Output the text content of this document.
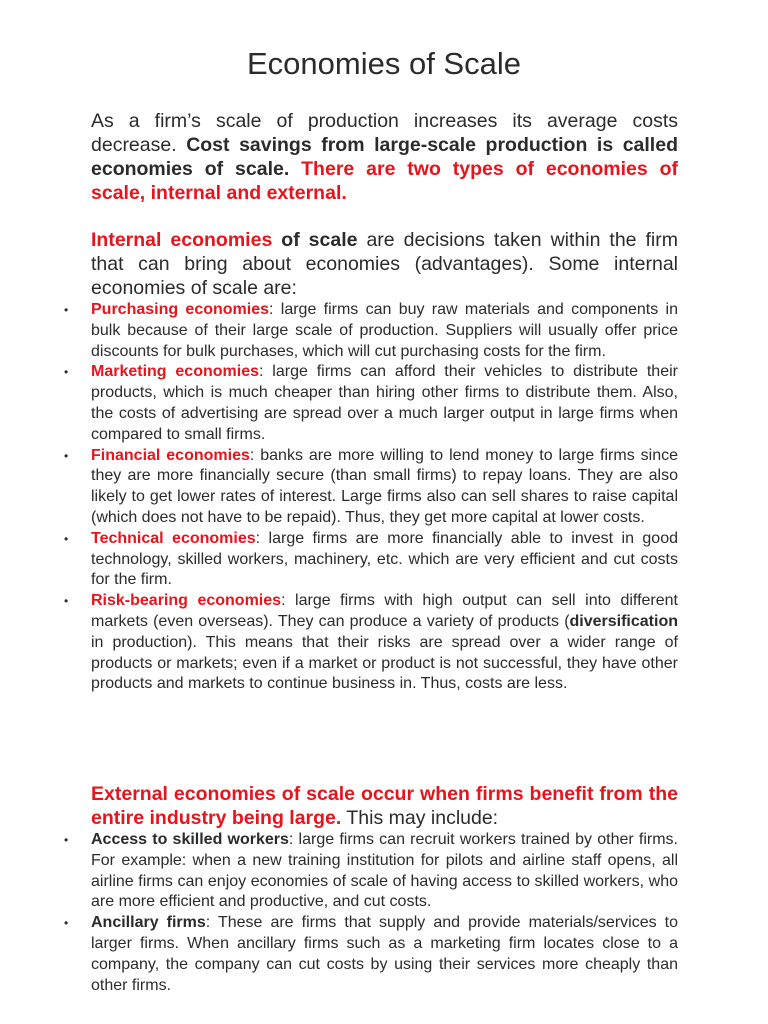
Economies of Scale

As a firm’s scale of production increases its average costs decrease. Cost savings from large-scale production is called economies of scale. There are two types of economies of scale, internal and external.

Internal economies of scale are decisions taken within the firm that can bring about economies (advantages). Some internal economies of scale are:

• Purchasing economies: large firms can buy raw materials and components in bulk because of their large scale of production. Suppliers will usually offer price discounts for bulk purchases, which will cut purchasing costs for the firm.
• Marketing economies: large firms can afford their vehicles to distribute their products, which is much cheaper than hiring other firms to distribute them. Also, the costs of advertising are spread over a much larger output in large firms when compared to small firms.
• Financial economies: banks are more willing to lend money to large firms since they are more financially secure (than small firms) to repay loans. They are also likely to get lower rates of interest. Large firms also can sell shares to raise capital (which does not have to be repaid). Thus, they get more capital at lower costs.
• Technical economies: large firms are more financially able to invest in good technology, skilled workers, machinery, etc. which are very efficient and cut costs for the firm.
• Risk-bearing economies: large firms with high output can sell into different markets (even overseas). They can produce a variety of products (diversification in production). This means that their risks are spread over a wider range of products or markets; even if a market or product is not successful, they have other products and markets to continue business in. Thus, costs are less.

External economies of scale occur when firms benefit from the entire industry being large. This may include:

• Access to skilled workers: large firms can recruit workers trained by other firms. For example: when a new training institution for pilots and airline staff opens, all airline firms can enjoy economies of scale of having access to skilled workers, who are more efficient and productive, and cut costs.
• Ancillary firms: These are firms that supply and provide materials/services to larger firms. When ancillary firms such as a marketing firm locates close to a company, the company can cut costs by using their services more cheaply than other firms.
